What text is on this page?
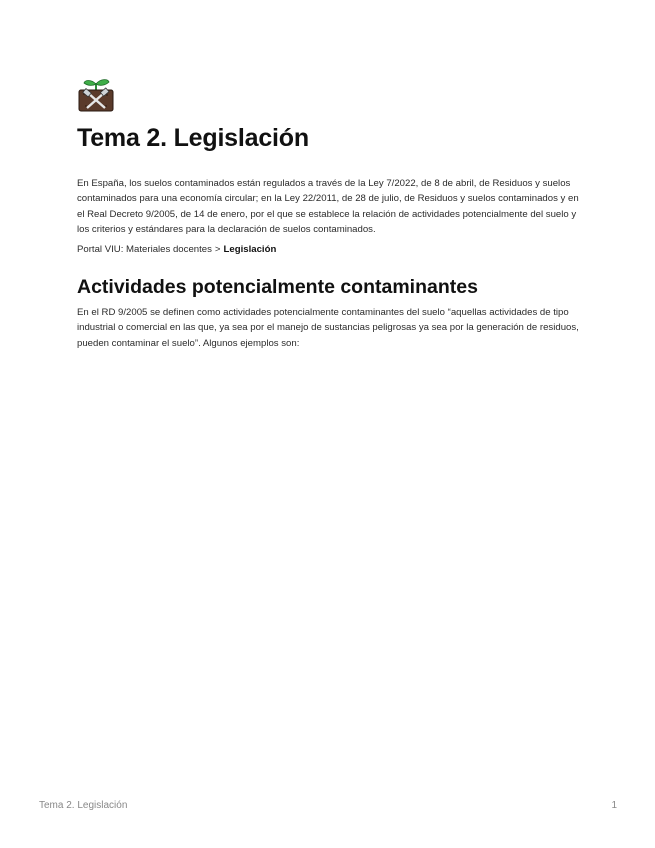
Tema 2. Legislación

En España, los suelos contaminados están regulados a través de la Ley 7/2022, de 8 de abril, de Residuos y suelos contaminados para una economía circular; en la Ley 22/2011, de 28 de julio, de Residuos y suelos contaminados y en el Real Decreto 9/2005, de 14 de enero, por el que se establece la relación de actividades potencialmente del suelo y los criterios y estándares para la declaración de suelos contaminados.

Portal VIU: Materiales docentes > Legislación
Actividades potencialmente contaminantes

En el RD 9/2005 se definen como actividades potencialmente contaminantes del suelo “aquellas actividades de tipo industrial o comercial en las que, ya sea por el manejo de sustancias peligrosas ya sea por la generación de residuos, pueden contaminar el suelo”. Algunos ejemplos son:

Tema 2. Legislación	1
